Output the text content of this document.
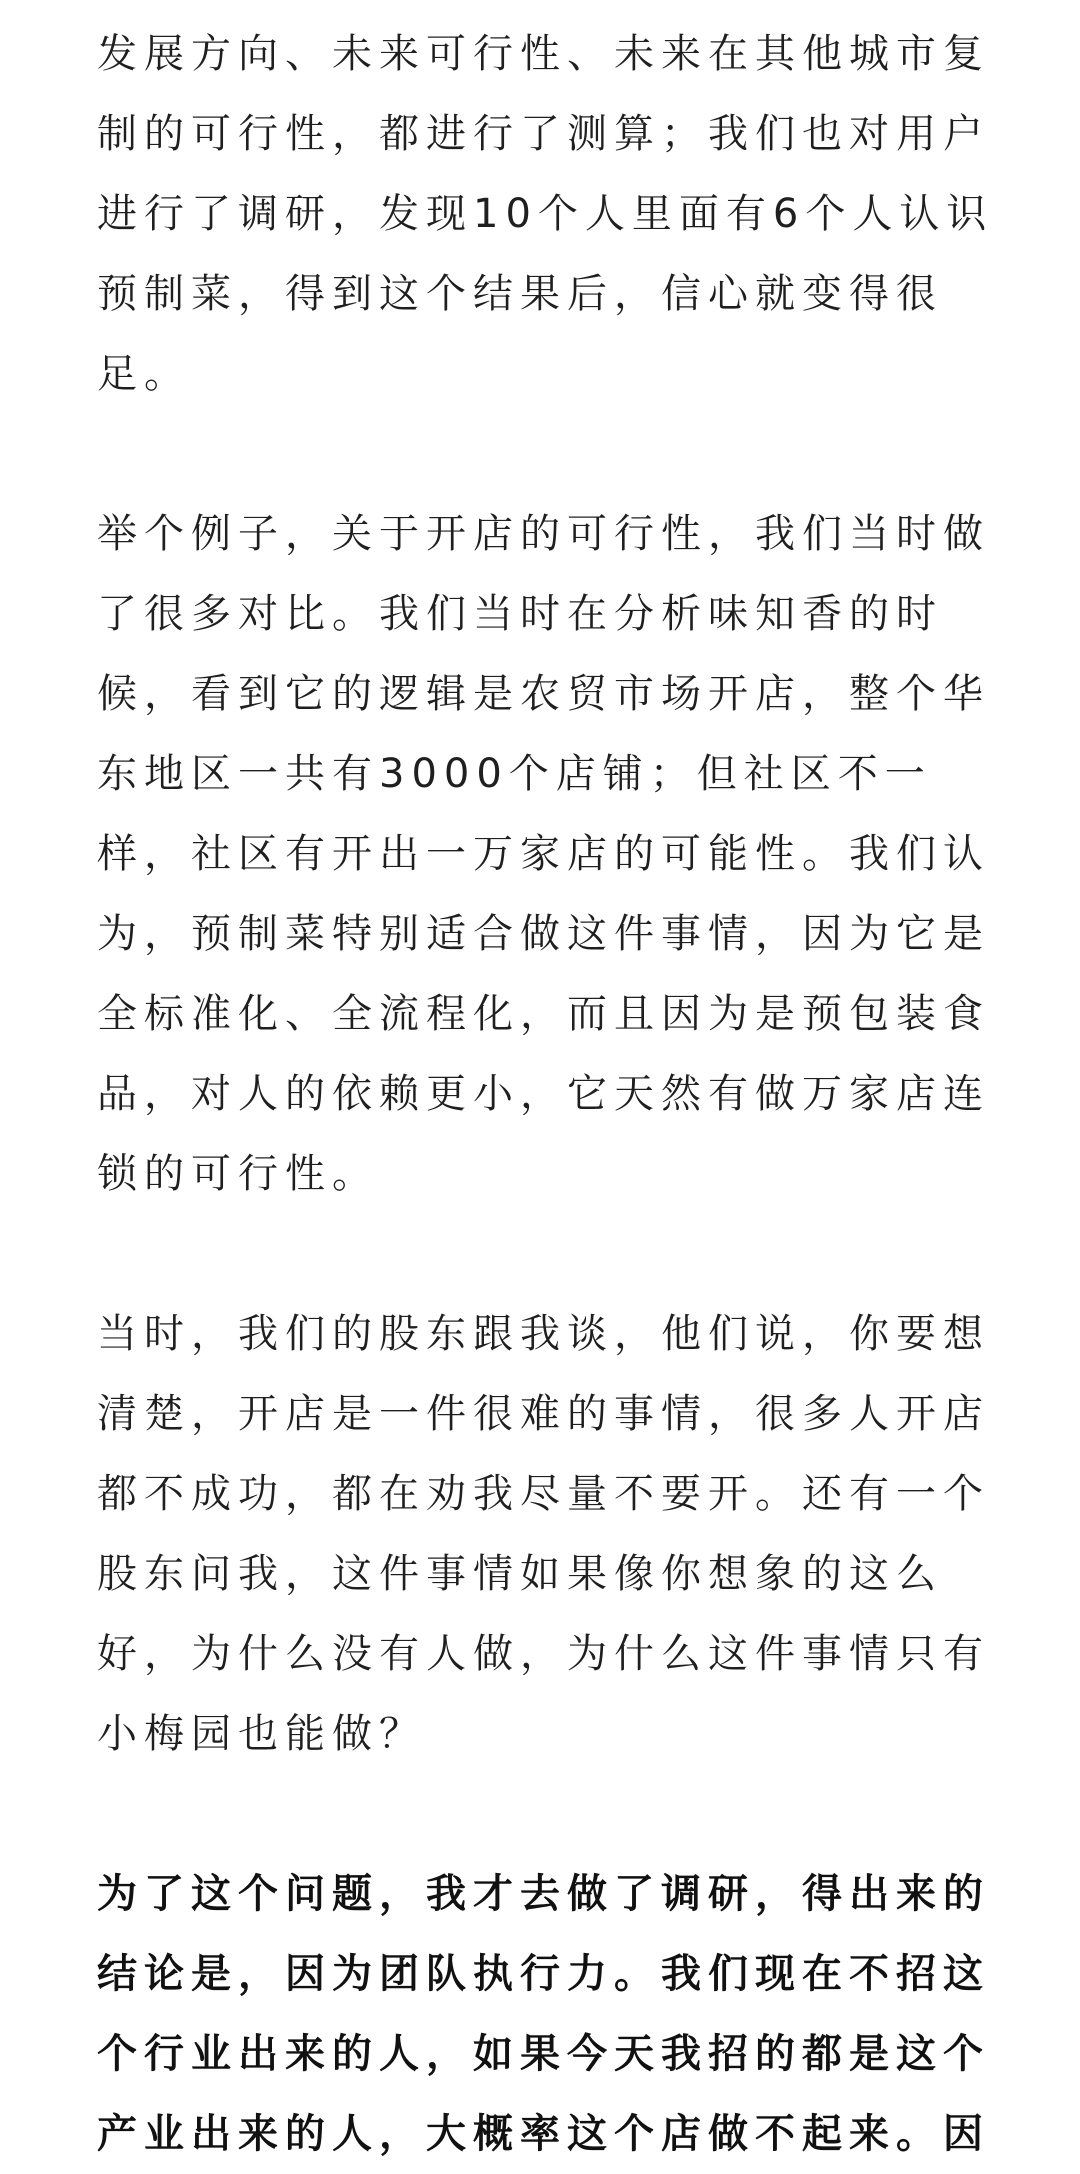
发展方向、未来可行性、未来在其他城市复
制的可行性，都进行了测算；我们也对用户
进行了调研，发现10个人里面有6个人认识
预制菜，得到这个结果后，信心就变得很
足。
举个例子，关于开店的可行性，我们当时做
了很多对比。我们当时在分析味知香的时
候，看到它的逻辑是农贸市场开店，整个华
东地区一共有3000个店铺；但社区不一
样，社区有开出一万家店的可能性。我们认
为，预制菜特别适合做这件事情，因为它是
全标准化、全流程化，而且因为是预包装食
品，对人的依赖更小，它天然有做万家店连
锁的可行性。
当时，我们的股东跟我谈，他们说，你要想
清楚，开店是一件很难的事情，很多人开店
都不成功，都在劝我尽量不要开。还有一个
股东问我，这件事情如果像你想象的这么
好，为什么没有人做，为什么这件事情只有
小梅园也能做？
为了这个问题，我才去做了调研，得出来的
结论是，因为团队执行力。我们现在不招这
个行业出来的人，如果今天我招的都是这个
产业出来的人，大概率这个店做不起来。因
